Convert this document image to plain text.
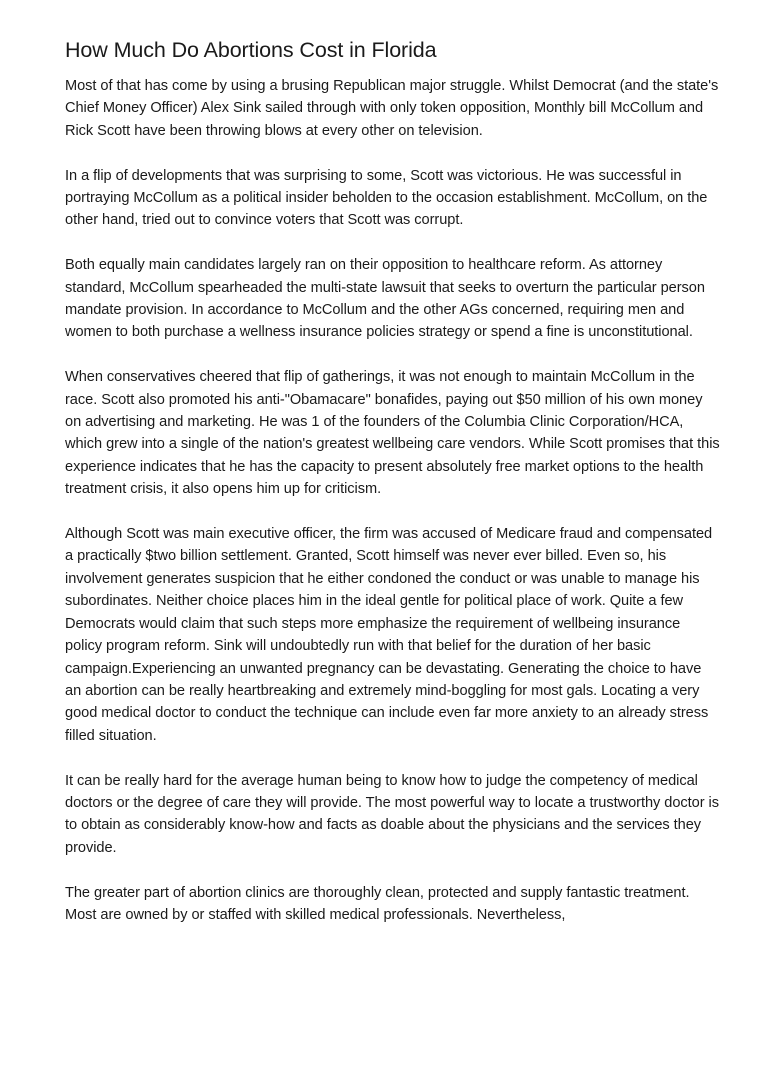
How Much Do Abortions Cost in Florida

Most of that has come by using a brusing Republican major struggle. Whilst Democrat (and the state's Chief Money Officer) Alex Sink sailed through with only token opposition, Monthly bill McCollum and Rick Scott have been throwing blows at every other on television.

In a flip of developments that was surprising to some, Scott was victorious. He was successful in portraying McCollum as a political insider beholden to the occasion establishment. McCollum, on the other hand, tried out to convince voters that Scott was corrupt.

Both equally main candidates largely ran on their opposition to healthcare reform. As attorney standard, McCollum spearheaded the multi-state lawsuit that seeks to overturn the particular person mandate provision. In accordance to McCollum and the other AGs concerned, requiring men and women to both purchase a wellness insurance policies strategy or spend a fine is unconstitutional.

When conservatives cheered that flip of gatherings, it was not enough to maintain McCollum in the race. Scott also promoted his anti-"Obamacare" bonafides, paying out $50 million of his own money on advertising and marketing. He was 1 of the founders of the Columbia Clinic Corporation/HCA, which grew into a single of the nation's greatest wellbeing care vendors. While Scott promises that this experience indicates that he has the capacity to present absolutely free market options to the health treatment crisis, it also opens him up for criticism.

Although Scott was main executive officer, the firm was accused of Medicare fraud and compensated a practically $two billion settlement. Granted, Scott himself was never ever billed. Even so, his involvement generates suspicion that he either condoned the conduct or was unable to manage his subordinates. Neither choice places him in the ideal gentle for political place of work. Quite a few Democrats would claim that such steps more emphasize the requirement of wellbeing insurance policy program reform. Sink will undoubtedly run with that belief for the duration of her basic campaign.Experiencing an unwanted pregnancy can be devastating. Generating the choice to have an abortion can be really heartbreaking and extremely mind-boggling for most gals. Locating a very good medical doctor to conduct the technique can include even far more anxiety to an already stress filled situation.

It can be really hard for the average human being to know how to judge the competency of medical doctors or the degree of care they will provide. The most powerful way to locate a trustworthy doctor is to obtain as considerably know-how and facts as doable about the physicians and the services they provide.

The greater part of abortion clinics are thoroughly clean, protected and supply fantastic treatment. Most are owned by or staffed with skilled medical professionals. Nevertheless,
